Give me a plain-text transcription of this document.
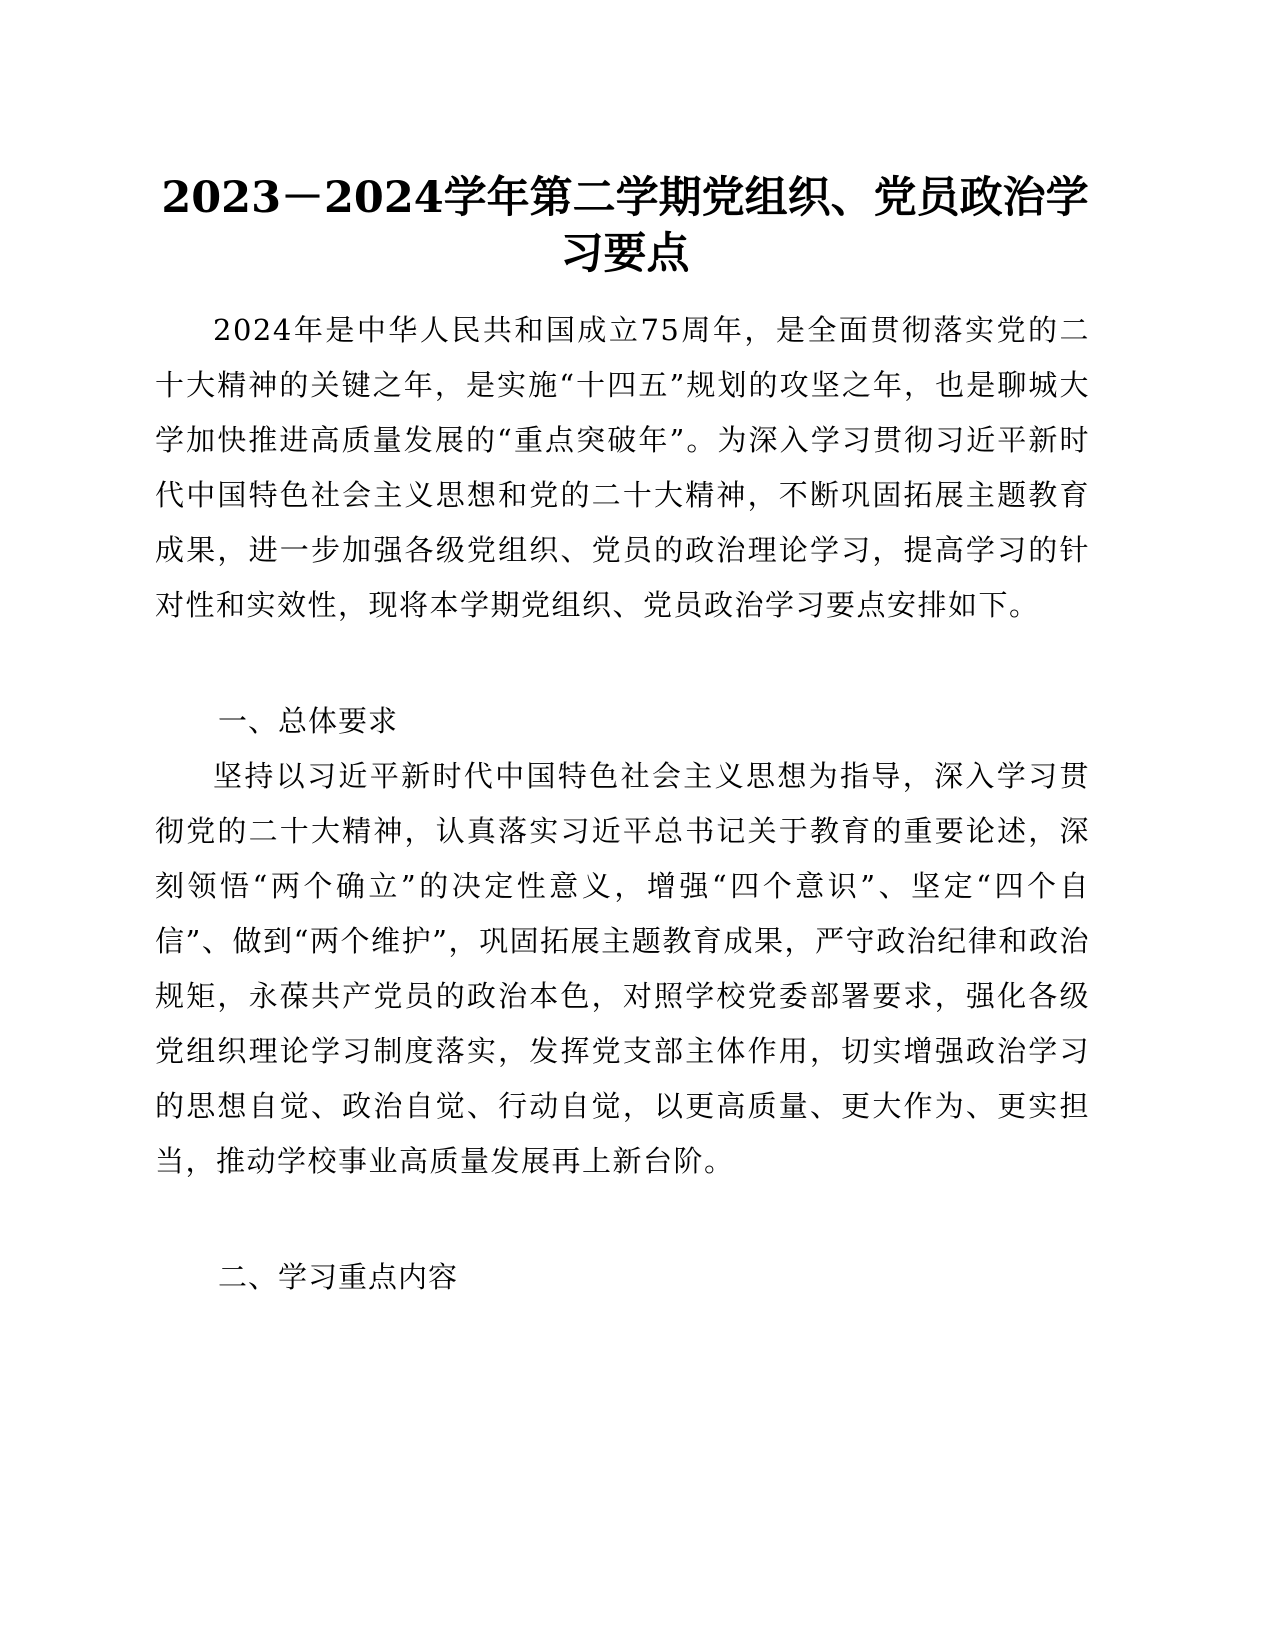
2023－2024学年第二学期党组织、党员政治学习要点

2024年是中华人民共和国成立75周年，是全面贯彻落实党的二十大精神的关键之年，是实施“十四五”规划的攻坚之年，也是聊城大学加快推进高质量发展的“重点突破年”。为深入学习贯彻习近平新时代中国特色社会主义思想和党的二十大精神，不断巩固拓展主题教育成果，进一步加强各级党组织、党员的政治理论学习，提高学习的针对性和实效性，现将本学期党组织、党员政治学习要点安排如下。

一、总体要求

坚持以习近平新时代中国特色社会主义思想为指导，深入学习贯彻党的二十大精神，认真落实习近平总书记关于教育的重要论述，深刻领悟“两个确立”的决定性意义，增强“四个意识”、坚定“四个自信”、做到“两个维护”，巩固拓展主题教育成果，严守政治纪律和政治规矩，永葆共产党员的政治本色，对照学校党委部署要求，强化各级党组织理论学习制度落实，发挥党支部主体作用，切实增强政治学习的思想自觉、政治自觉、行动自觉，以更高质量、更大作为、更实担当，推动学校事业高质量发展再上新台阶。

二、学习重点内容
